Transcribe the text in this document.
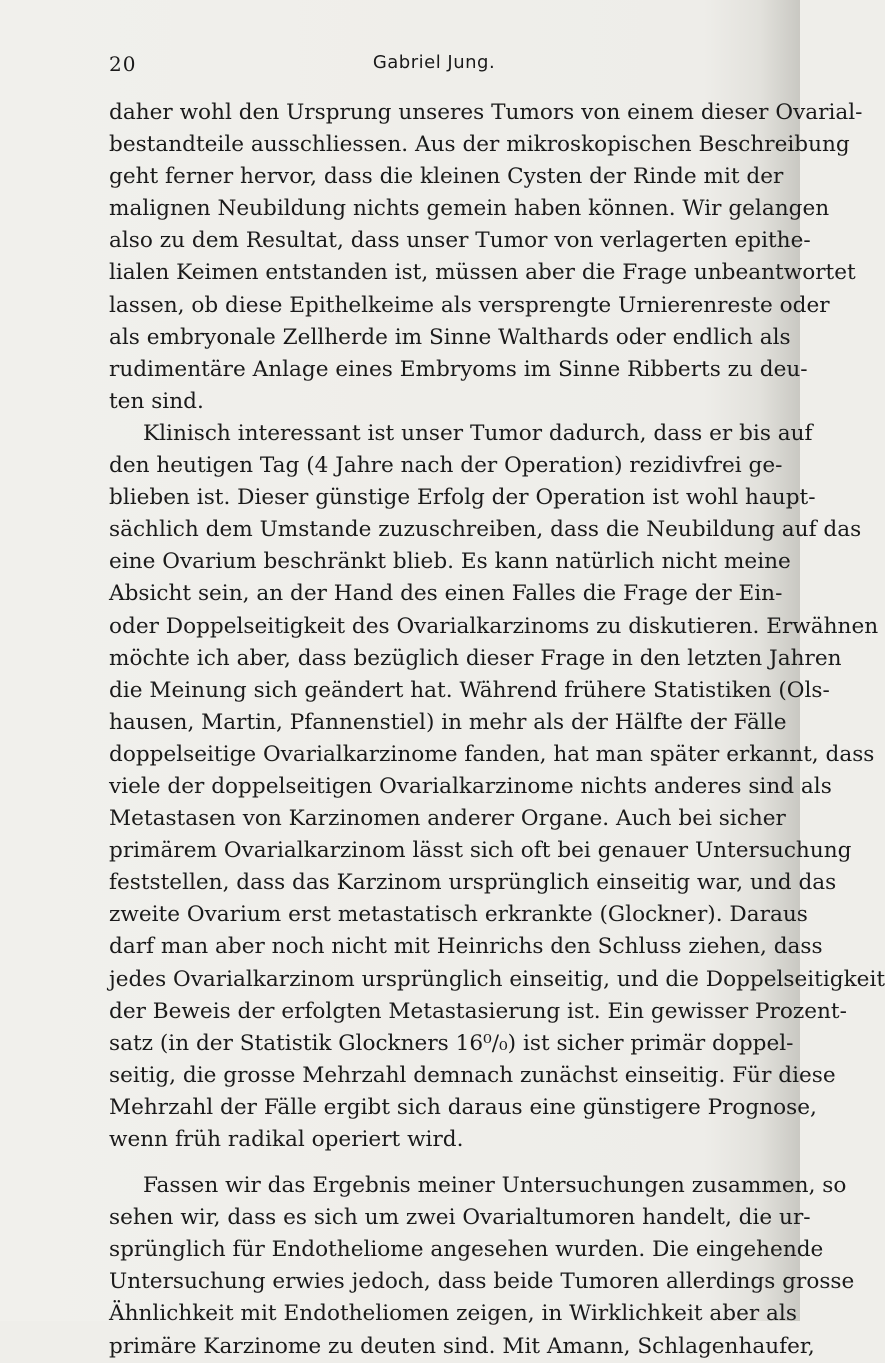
20	Gabriel Jung.
daher wohl den Ursprung unseres Tumors von einem dieser Ovarial-
bestandteile ausschliessen. Aus der mikroskopischen Beschreibung
geht ferner hervor, dass die kleinen Cysten der Rinde mit der
malignen Neubildung nichts gemein haben können. Wir gelangen
also zu dem Resultat, dass unser Tumor von verlagerten epithe-
lialen Keimen entstanden ist, müssen aber die Frage unbeantwortet
lassen, ob diese Epithelkeime als versprengte Urnierenreste oder
als embryonale Zellherde im Sinne Walthards oder endlich als
rudimentäre Anlage eines Embryoms im Sinne Ribberts zu deu-
ten sind.
Klinisch interessant ist unser Tumor dadurch, dass er bis auf
den heutigen Tag (4 Jahre nach der Operation) rezidivfrei ge-
blieben ist. Dieser günstige Erfolg der Operation ist wohl haupt-
sächlich dem Umstande zuzuschreiben, dass die Neubildung auf das
eine Ovarium beschränkt blieb. Es kann natürlich nicht meine
Absicht sein, an der Hand des einen Falles die Frage der Ein-
oder Doppelseitigkeit des Ovarialkarzinoms zu diskutieren. Erwähnen
möchte ich aber, dass bezüglich dieser Frage in den letzten Jahren
die Meinung sich geändert hat. Während frühere Statistiken (Ols-
hausen, Martin, Pfannenstiel) in mehr als der Hälfte der Fälle
doppelseitige Ovarialkarzinome fanden, hat man später erkannt, dass
viele der doppelseitigen Ovarialkarzinome nichts anderes sind als
Metastasen von Karzinomen anderer Organe. Auch bei sicher
primärem Ovarialkarzinom lässt sich oft bei genauer Untersuchung
feststellen, dass das Karzinom ursprünglich einseitig war, und das
zweite Ovarium erst metastatisch erkrankte (Glockner). Daraus
darf man aber noch nicht mit Heinrichs den Schluss ziehen, dass
jedes Ovarialkarzinom ursprünglich einseitig, und die Doppelseitigkeit
der Beweis der erfolgten Metastasierung ist. Ein gewisser Prozent-
satz (in der Statistik Glockners 16⁰/₀) ist sicher primär doppel-
seitig, die grosse Mehrzahl demnach zunächst einseitig. Für diese
Mehrzahl der Fälle ergibt sich daraus eine günstigere Prognose,
wenn früh radikal operiert wird.
Fassen wir das Ergebnis meiner Untersuchungen zusammen, so
sehen wir, dass es sich um zwei Ovarialtumoren handelt, die ur-
sprünglich für Endotheliome angesehen wurden. Die eingehende
Untersuchung erwies jedoch, dass beide Tumoren allerdings grosse
Ähnlichkeit mit Endotheliomen zeigen, in Wirklichkeit aber als
primäre Karzinome zu deuten sind. Mit Amann, Schlagenhaufer,
